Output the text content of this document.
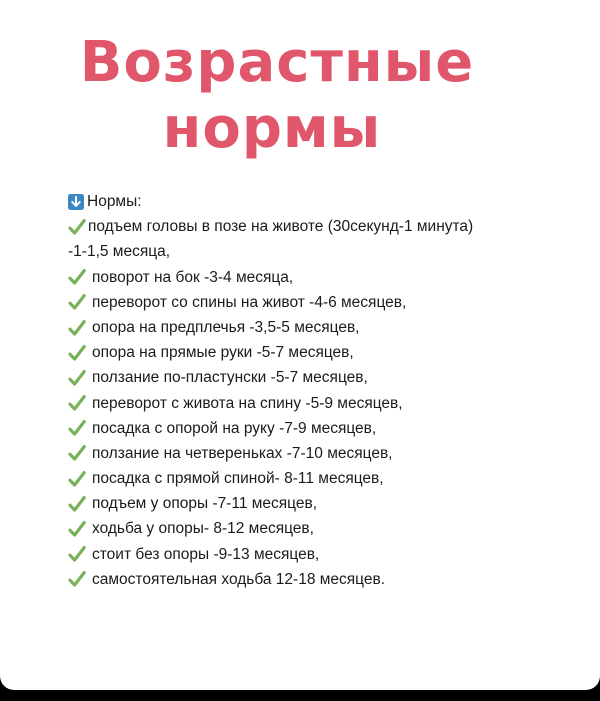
Возрастные
нормы
Нормы:
подъем головы в позе на животе (30секунд-1 минута)
-1-1,5 месяца,
поворот на бок -3-4 месяца,
переворот со спины на живот -4-6 месяцев,
опора на предплечья -3,5-5 месяцев,
опора на прямые руки -5-7 месяцев,
ползание по-пластунски -5-7 месяцев,
переворот с живота на спину -5-9 месяцев,
посадка с опорой на руку -7-9 месяцев,
ползание на четвереньках -7-10 месяцев,
посадка с прямой спиной- 8-11 месяцев,
подъем у опоры -7-11 месяцев,
ходьба у опоры- 8-12 месяцев,
стоит без опоры -9-13 месяцев,
самостоятельная ходьба 12-18 месяцев.
